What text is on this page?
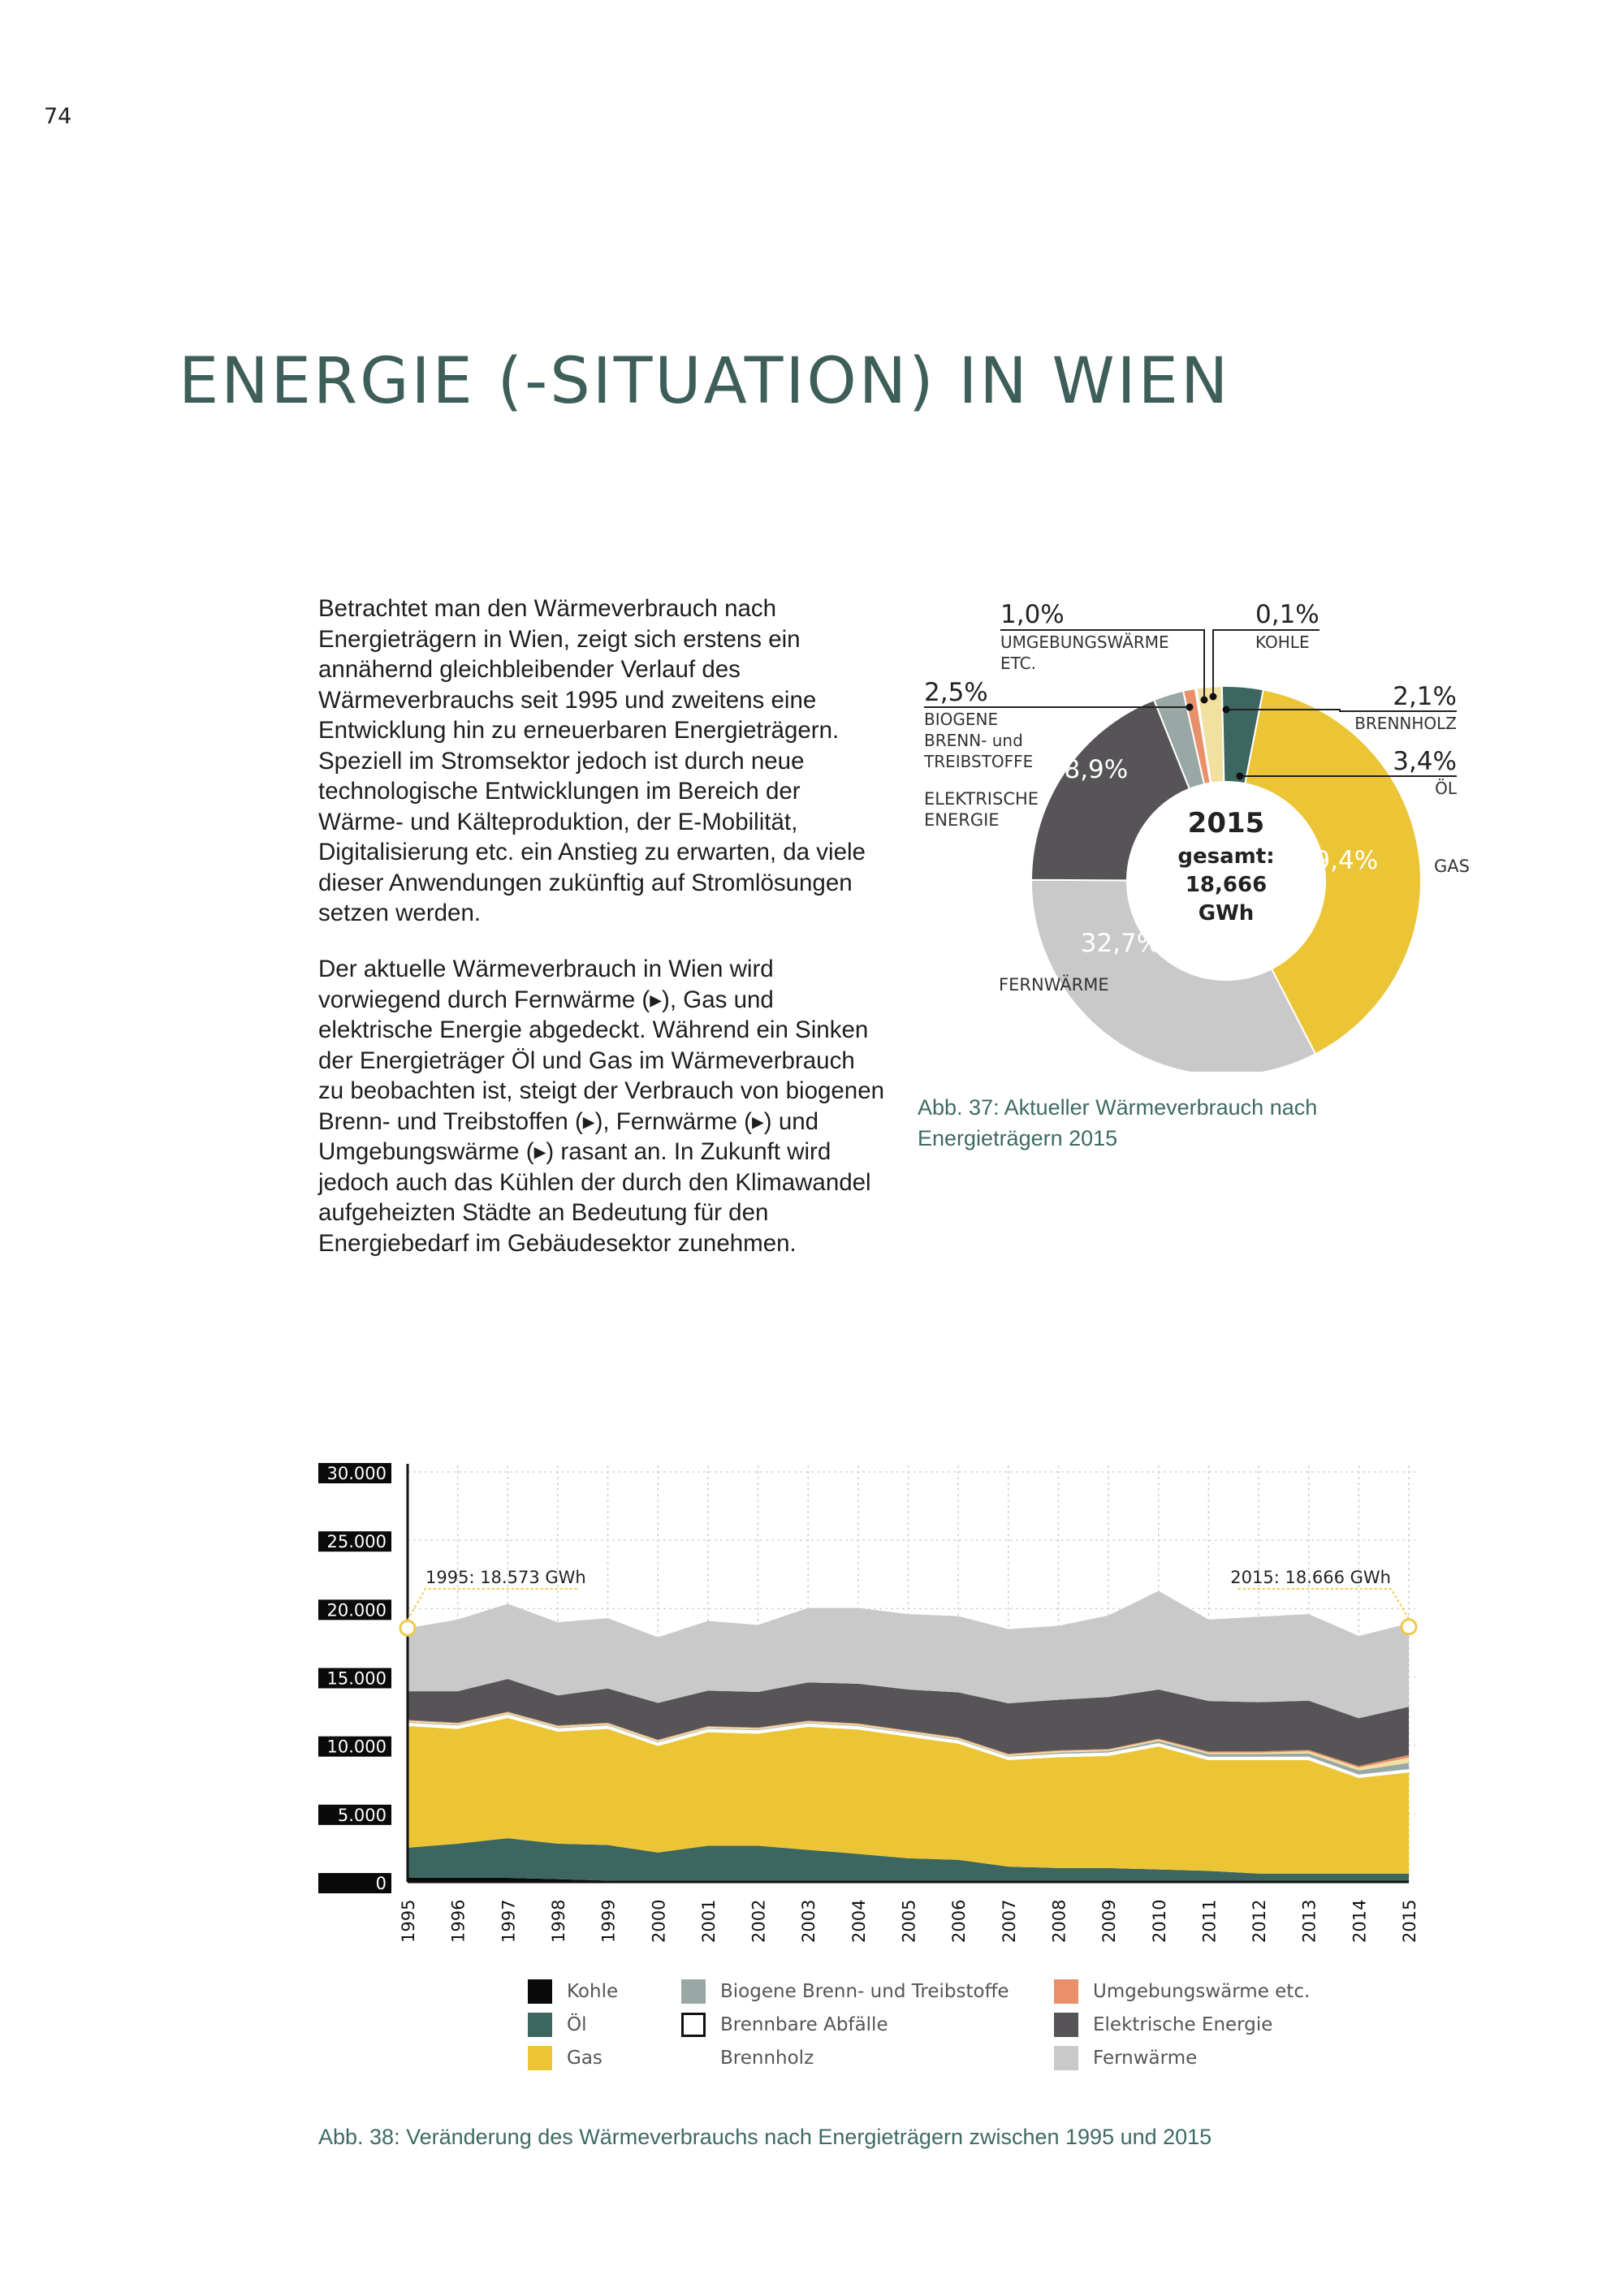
74
ENERGIE (-SITUATION) IN WIEN

Betrachtet man den Wärmeverbrauch nach Energieträgern in Wien, zeigt sich erstens ein annähernd gleichbleibender Verlauf des Wärmeverbrauchs seit 1995 und zweitens eine Entwicklung hin zu erneuerbaren Energieträgern. Speziell im Stromsektor jedoch ist durch neue technologische Entwicklungen im Bereich der Wärme- und Kälteproduktion, der E-Mobilität, Digitalisierung etc. ein Anstieg zu erwarten, da viele dieser Anwendungen zukünftig auf Stromlösungen setzen werden.

Der aktuelle Wärmeverbrauch in Wien wird vorwiegend durch Fernwärme (▸), Gas und elektrische Energie abgedeckt. Während ein Sinken der Energieträger Öl und Gas im Wärmeverbrauch zu beobachten ist, steigt der Verbrauch von biogenen Brenn- und Treibstoffen (▸), Fernwärme (▸) und Umgebungswärme (▸) rasant an. In Zukunft wird jedoch auch das Kühlen der durch den Klimawandel aufgeheizten Städte an Bedeutung für den Energiebedarf im Gebäudesektor zunehmen.

2015
gesamt:
18,666
GWh
39,4%
32,7%
18,9%
GAS
FERNWÄRME
ELEKTRISCHE
ENERGIE
2,5%
BIOGENE
BRENN- und
TREIBSTOFFE
1,0%
UMGEBUNGSWÄRME
ETC.
0,1%
KOHLE
2,1%
BRENNHOLZ
3,4%
ÖL

Abb. 37: Aktueller Wärmeverbrauch nach Energieträgern 2015

0
5.000
10.000
15.000
20.000
25.000
30.000
1995 1996 1997 1998 1999 2000 2001 2002 2003 2004 2005 2006 2007 2008 2009 2010 2011 2012 2013 2014 2015
1995: 18.573 GWh	2015: 18.666 GWh
Kohle
Öl
Gas
Biogene Brenn- und Treibstoffe
Brennbare Abfälle
Brennholz
Umgebungswärme etc.
Elektrische Energie
Fernwärme

Abb. 38: Veränderung des Wärmeverbrauchs nach Energieträgern zwischen 1995 und 2015
